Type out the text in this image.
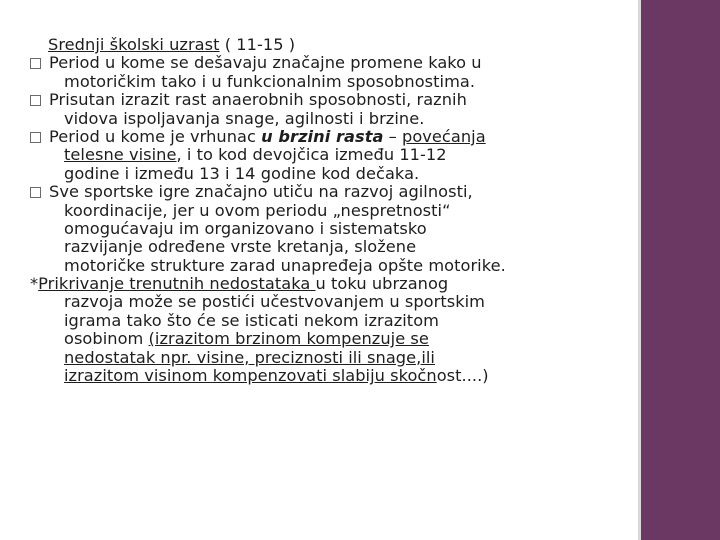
Srednji školski uzrast ( 11-15 )
Period u kome se dešavaju značajne promene kako u
motoričkim tako i u funkcionalnim sposobnostima.
Prisutan izrazit rast anaerobnih sposobnosti, raznih
vidova ispoljavanja snage, agilnosti i brzine.
Period u kome je vrhunac u brzini rasta – povećanja
telesne visine, i to kod devojčica između 11-12
godine i između 13 i 14 godine kod dečaka.
Sve sportske igre značajno utiču na razvoj agilnosti,
koordinacije, jer u ovom periodu „nespretnosti“
omogućavaju im organizovano i sistematsko
razvijanje određene vrste kretanja, složene
motoričke strukture zarad unapređeja opšte motorike.
*Prikrivanje trenutnih nedostataka u toku ubrzanog
razvoja može se postići učestvovanjem u sportskim
igrama tako što će se isticati nekom izrazitom
osobinom (izrazitom brzinom kompenzuje se
nedostatak npr. visine, preciznosti ili snage,ili
izrazitom visinom kompenzovati slabiju skočnost....)
